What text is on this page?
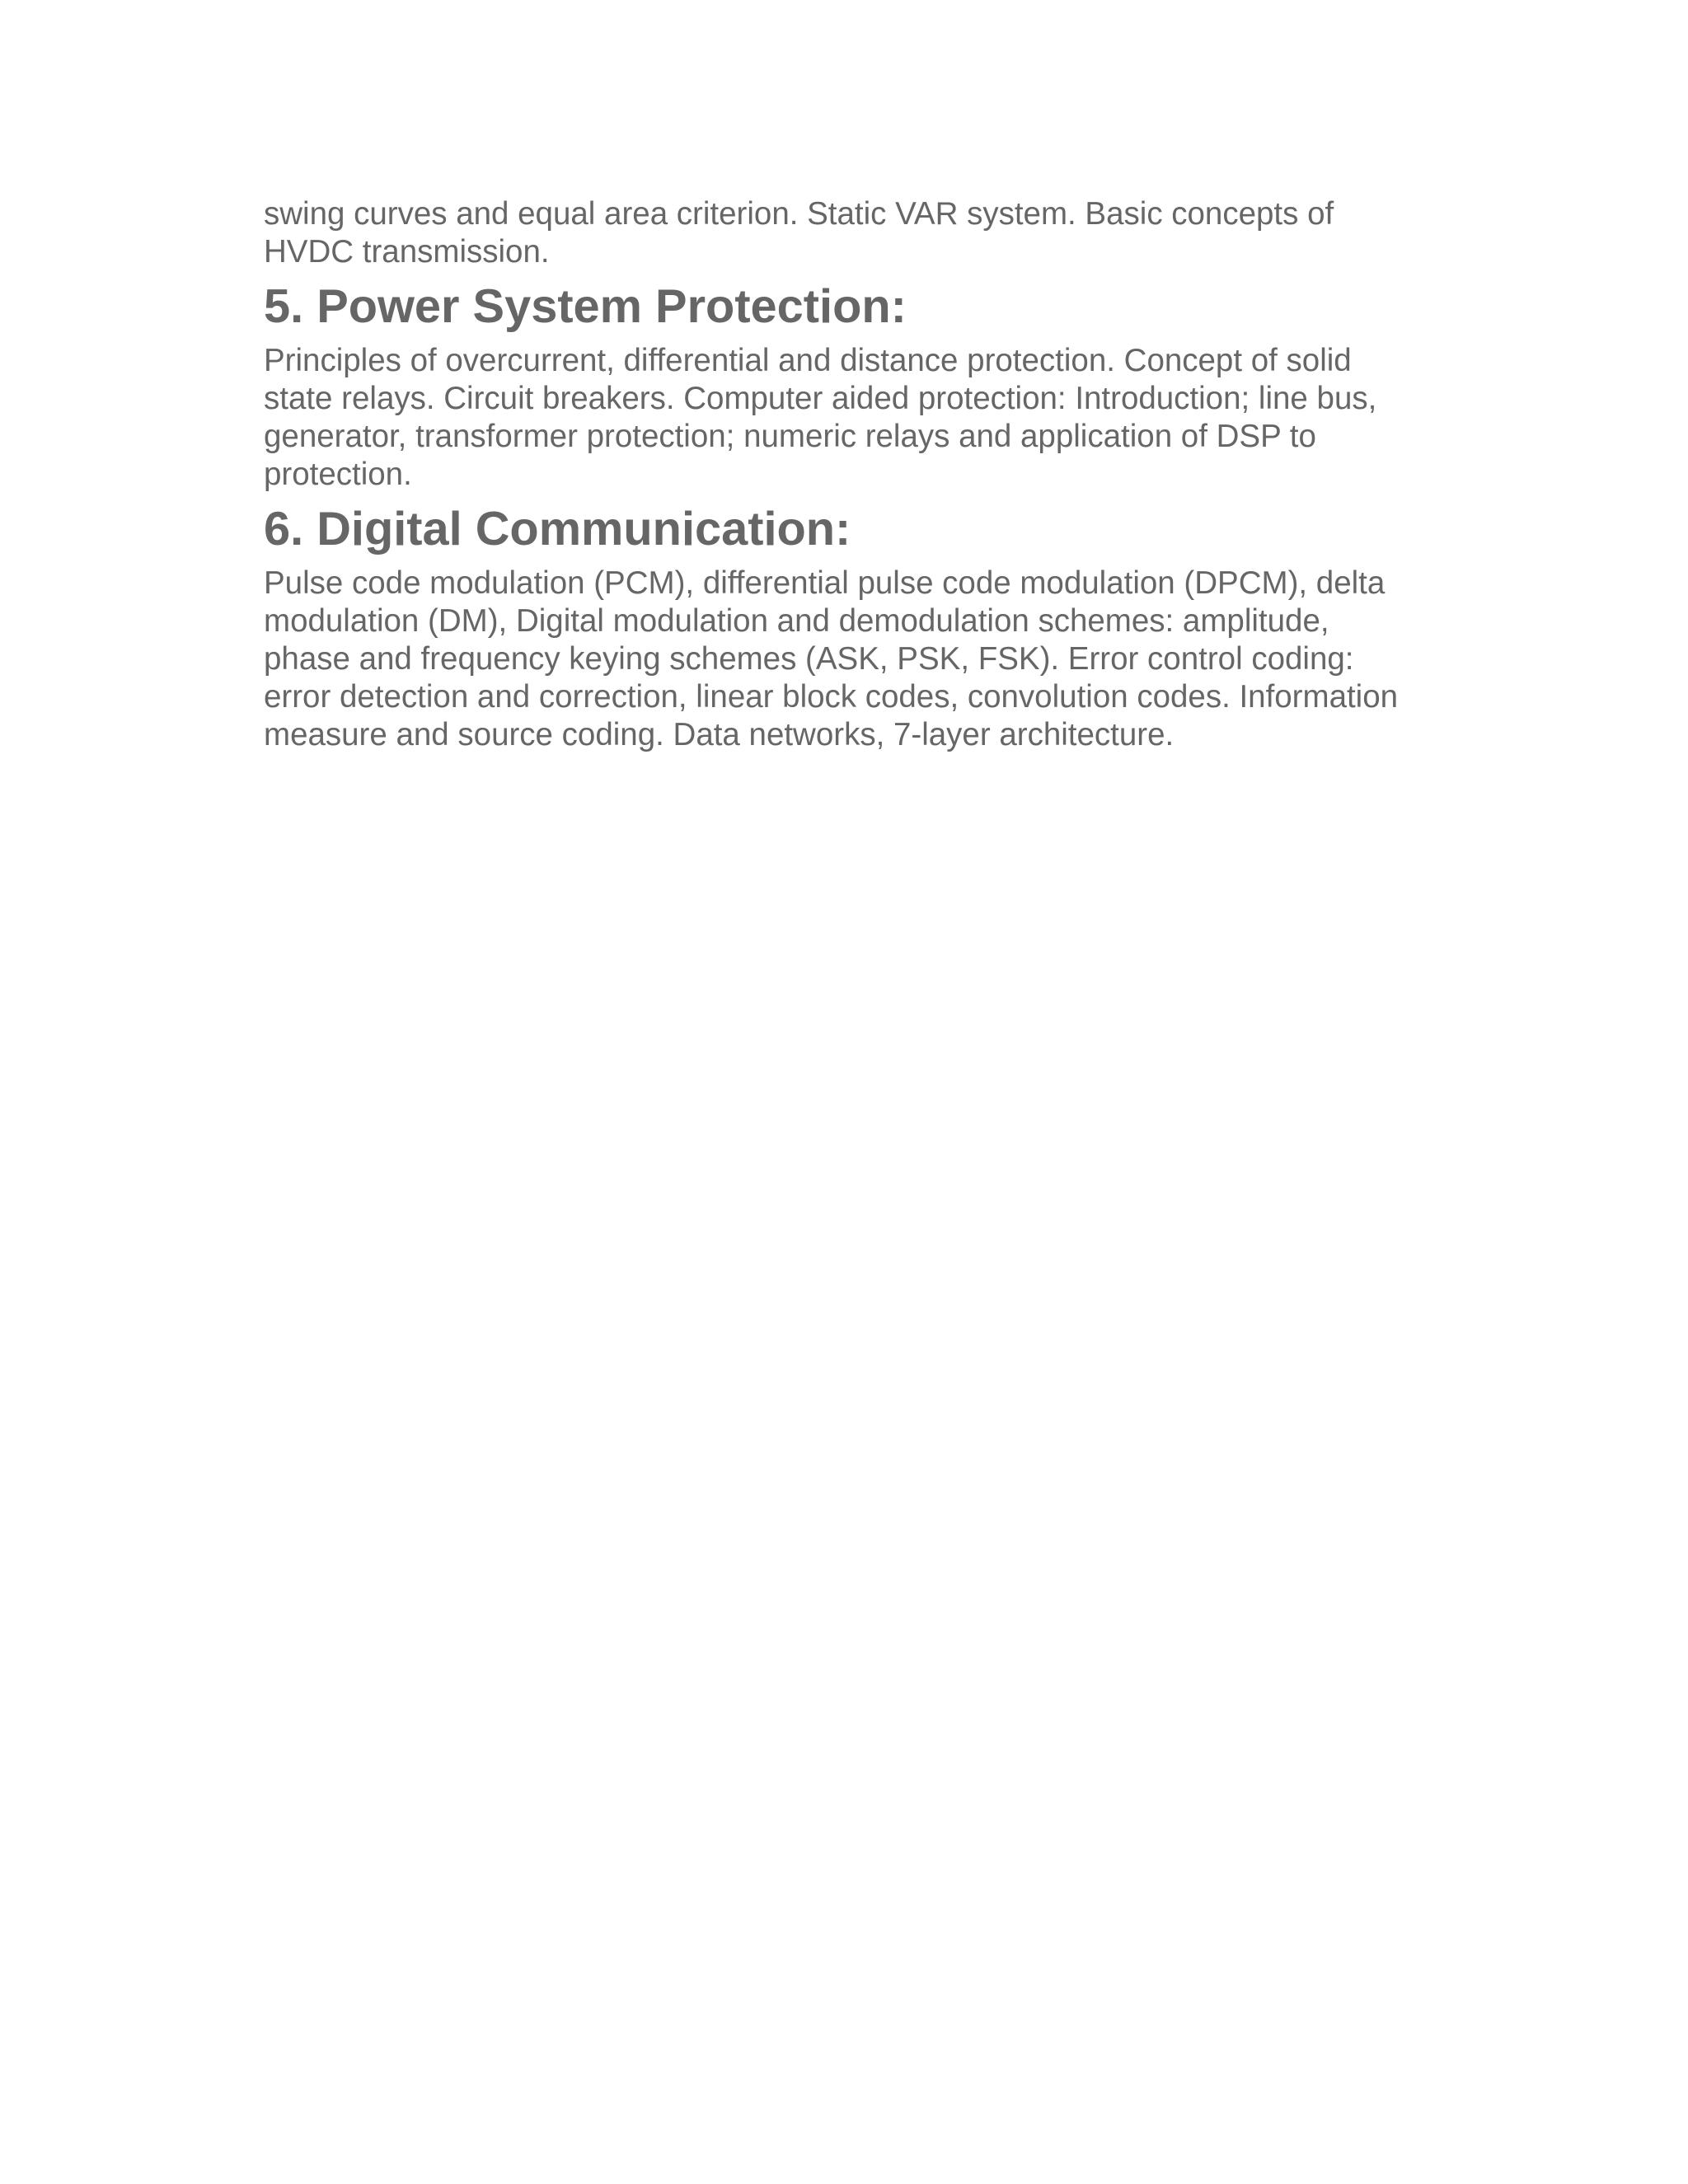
swing curves and equal area criterion. Static VAR system. Basic concepts of HVDC transmission.

5. Power System Protection:

Principles of overcurrent, differential and distance protection. Concept of solid state relays. Circuit breakers. Computer aided protection: Introduction; line bus, generator, transformer protection; numeric relays and application of DSP to protection.

6. Digital Communication:

Pulse code modulation (PCM), differential pulse code modulation (DPCM), delta modulation (DM), Digital modulation and demodulation schemes: amplitude, phase and frequency keying schemes (ASK, PSK, FSK). Error control coding: error detection and correction, linear block codes, convolution codes. Information measure and source coding. Data networks, 7-layer architecture.
